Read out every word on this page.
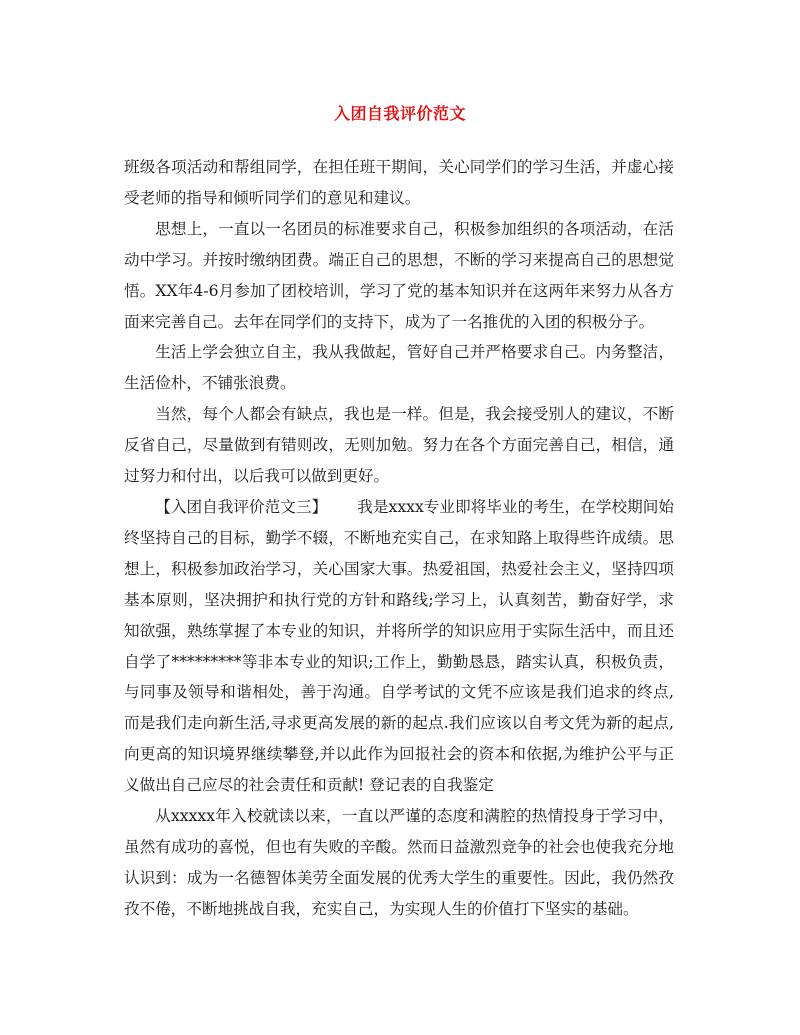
入团自我评价范文

班级各项活动和帮组同学，在担任班干期间，关心同学们的学习生活，并虚心接受老师的指导和倾听同学们的意见和建议。

思想上，一直以一名团员的标准要求自己，积极参加组织的各项活动，在活动中学习。并按时缴纳团费。端正自己的思想，不断的学习来提高自己的思想觉悟。XX年4-6月参加了团校培训，学习了党的基本知识并在这两年来努力从各方面来完善自己。去年在同学们的支持下，成为了一名推优的入团的积极分子。

生活上学会独立自主，我从我做起，管好自己并严格要求自己。内务整洁，生活俭朴，不铺张浪费。

当然，每个人都会有缺点，我也是一样。但是，我会接受别人的建议，不断反省自己，尽量做到有错则改，无则加勉。努力在各个方面完善自己，相信，通过努力和付出，以后我可以做到更好。

【入团自我评价范文三】 我是xxxx专业即将毕业的考生，在学校期间始终坚持自己的目标，勤学不辍，不断地充实自己，在求知路上取得些许成绩。思想上，积极参加政治学习，关心国家大事。热爱祖国，热爱社会主义，坚持四项基本原则，坚决拥护和执行党的方针和路线;学习上，认真刻苦，勤奋好学，求知欲强，熟练掌握了本专业的知识，并将所学的知识应用于实际生活中，而且还自学了*********等非本专业的知识;工作上，勤勤恳恳，踏实认真，积极负责，与同事及领导和谐相处，善于沟通。自学考试的文凭不应该是我们追求的终点,而是我们走向新生活,寻求更高发展的新的起点.我们应该以自考文凭为新的起点,向更高的知识境界继续攀登,并以此作为回报社会的资本和依据,为维护公平与正义做出自己应尽的社会责任和贡献! 登记表的自我鉴定

从xxxxx年入校就读以来，一直以严谨的态度和满腔的热情投身于学习中，虽然有成功的喜悦，但也有失败的辛酸。然而日益激烈竞争的社会也使我充分地认识到：成为一名德智体美劳全面发展的优秀大学生的重要性。因此，我仍然孜孜不倦，不断地挑战自我，充实自己，为实现人生的价值打下坚实的基础。
